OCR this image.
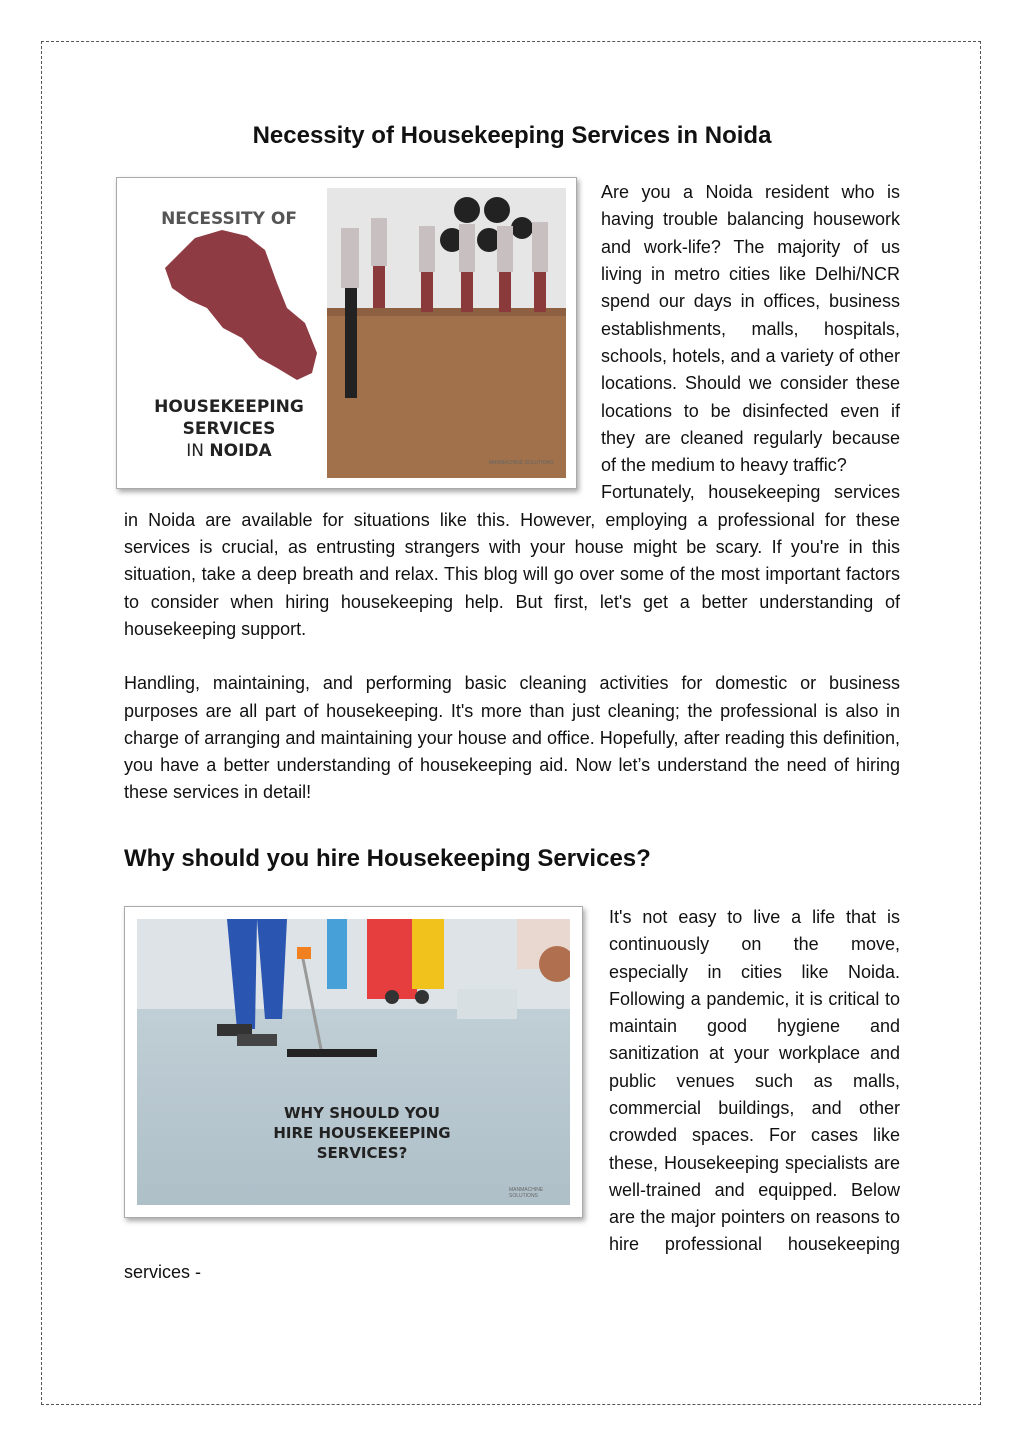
Necessity of Housekeeping Services in Noida
NECESSITY OF
HOUSEKEEPING
SERVICES
IN NOIDA
MANMACHINE SOLUTIONS

Are you a Noida resident who is having trouble balancing housework and work-life? The majority of us living in metro cities like Delhi/NCR spend our days in offices, business establishments, malls, hospitals, schools, hotels, and a variety of other locations. Should we consider these locations to be disinfected even if they are cleaned regularly because of the medium to heavy traffic?

Fortunately, housekeeping services in Noida are available for situations like this. However, employing a professional for these services is crucial, as entrusting strangers with your house might be scary. If you're in this situation, take a deep breath and relax. This blog will go over some of the most important factors to consider when hiring housekeeping help. But first, let's get a better understanding of housekeeping support.

Handling, maintaining, and performing basic cleaning activities for domestic or business purposes are all part of housekeeping. It's more than just cleaning; the professional is also in charge of arranging and maintaining your house and office. Hopefully, after reading this definition, you have a better understanding of housekeeping aid. Now let’s understand the need of hiring these services in detail!

Why should you hire Housekeeping Services?
WHY SHOULD YOU
HIRE HOUSEKEEPING
SERVICES?
MANMACHINE SOLUTIONS

It's not easy to live a life that is continuously on the move, especially in cities like Noida. Following a pandemic, it is critical to maintain good hygiene and sanitization at your workplace and public venues such as malls, commercial buildings, and other crowded spaces. For cases like these, Housekeeping specialists are well-trained and equipped. Below are the major pointers on reasons to hire professional housekeeping services -
